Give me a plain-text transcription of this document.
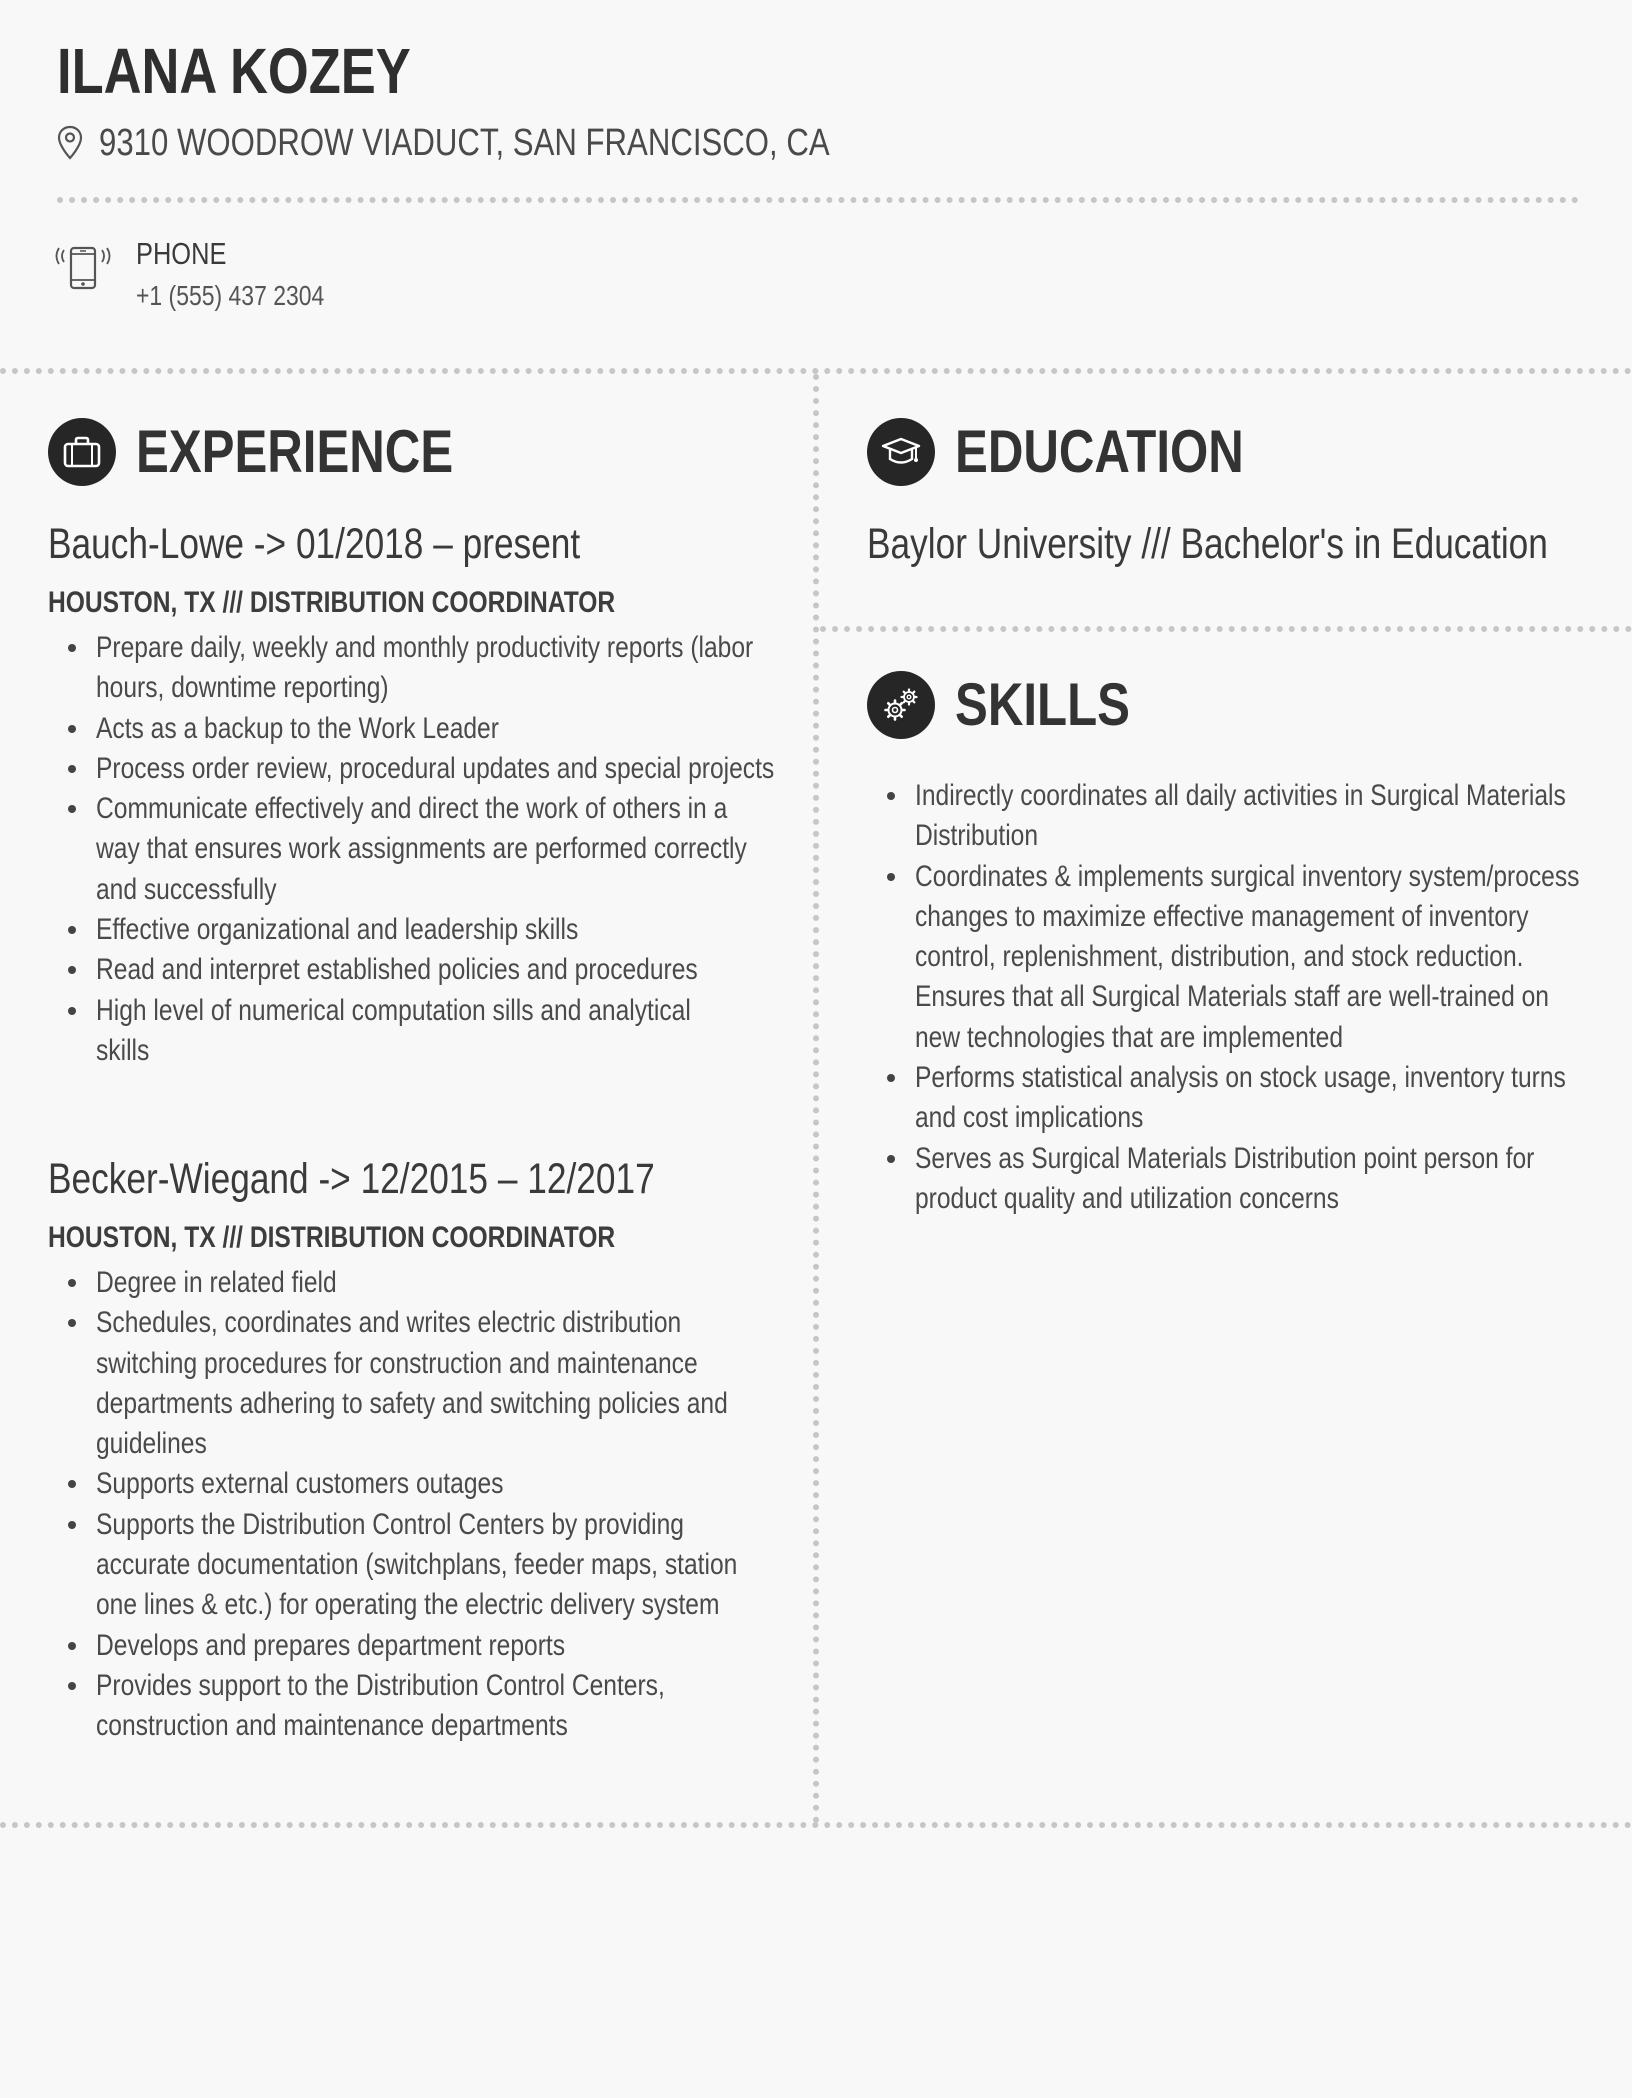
ILANA KOZEY
9310 WOODROW VIADUCT, SAN FRANCISCO, CA
PHONE
+1 (555) 437 2304
EXPERIENCE
Bauch-Lowe -> 01/2018 – present
HOUSTON, TX /// DISTRIBUTION COORDINATOR
Prepare daily, weekly and monthly productivity reports (labor
hours, downtime reporting)
Acts as a backup to the Work Leader
Process order review, procedural updates and special projects
Communicate effectively and direct the work of others in a
way that ensures work assignments are performed correctly
and successfully
Effective organizational and leadership skills
Read and interpret established policies and procedures
High level of numerical computation sills and analytical
skills
Becker-Wiegand -> 12/2015 – 12/2017
HOUSTON, TX /// DISTRIBUTION COORDINATOR
Degree in related field
Schedules, coordinates and writes electric distribution
switching procedures for construction and maintenance
departments adhering to safety and switching policies and
guidelines
Supports external customers outages
Supports the Distribution Control Centers by providing
accurate documentation (switchplans, feeder maps, station
one lines & etc.) for operating the electric delivery system
Develops and prepares department reports
Provides support to the Distribution Control Centers,
construction and maintenance departments
EDUCATION
Baylor University /// Bachelor's in Education
SKILLS
Indirectly coordinates all daily activities in Surgical Materials
Distribution
Coordinates & implements surgical inventory system/process
changes to maximize effective management of inventory
control, replenishment, distribution, and stock reduction.
Ensures that all Surgical Materials staff are well-trained on
new technologies that are implemented
Performs statistical analysis on stock usage, inventory turns
and cost implications
Serves as Surgical Materials Distribution point person for
product quality and utilization concerns
